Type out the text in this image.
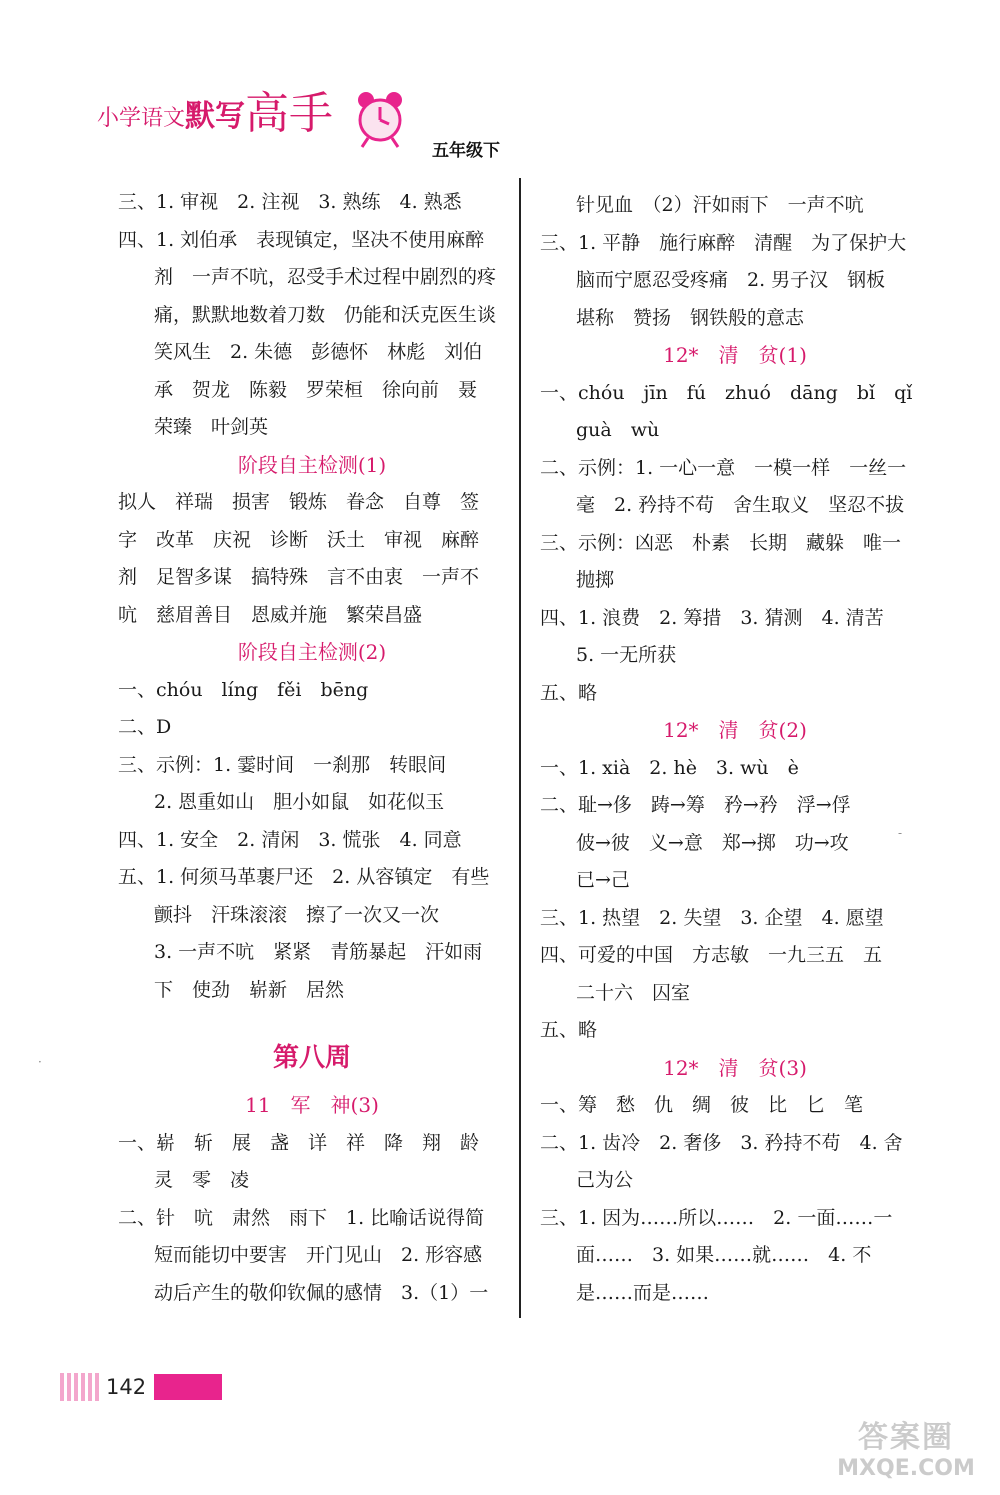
小学语文 默写 高手
五年级下
三、1. 审视　2. 注视　3. 熟练　4. 熟悉
四、1. 刘伯承　表现镇定，坚决不使用麻醉
剂　一声不吭，忍受手术过程中剧烈的疼
痛，默默地数着刀数　仍能和沃克医生谈
笑风生　2. 朱德　彭德怀　林彪　刘伯
承　贺龙　陈毅　罗荣桓　徐向前　聂
荣臻　叶剑英
阶段自主检测(1)
拟人　祥瑞　损害　锻炼　眷念　自尊　签
字　改革　庆祝　诊断　沃土　审视　麻醉
剂　足智多谋　搞特殊　言不由衷　一声不
吭　慈眉善目　恩威并施　繁荣昌盛
阶段自主检测(2)
一、chóu　líng　fěi　bēng
二、D
三、示例：1. 霎时间　一刹那　转眼间
2. 恩重如山　胆小如鼠　如花似玉
四、1. 安全　2. 清闲　3. 慌张　4. 同意
五、1. 何须马革裹尸还　2. 从容镇定　有些
颤抖　汗珠滚滚　擦了一次又一次
3. 一声不吭　紧紧　青筋暴起　汗如雨
下　使劲　崭新　居然
第八周
11　军　神(3)
一、崭　斩　展　盏　详　祥　降　翔　龄
灵　零　凌
二、针　吭　肃然　雨下　1. 比喻话说得简
短而能切中要害　开门见山　2. 形容感
动后产生的敬仰钦佩的感情　3.（1）一
针见血　（2）汗如雨下　一声不吭
三、1. 平静　施行麻醉　清醒　为了保护大
脑而宁愿忍受疼痛　2. 男子汉　钢板
堪称　赞扬　钢铁般的意志
12*　清　贫(1)
一、chóu　jīn　fú　zhuó　dāng　bǐ　qǐ
guà　wù
二、示例：1. 一心一意　一模一样　一丝一
毫　2. 矜持不苟　舍生取义　坚忍不拔
三、示例：凶恶　朴素　长期　藏躲　唯一
抛掷
四、1. 浪费　2. 筹措　3. 猜测　4. 清苦
5. 一无所获
五、略
12*　清　贫(2)
一、1. xià　2. hè　3. wù　è
二、耻→侈　踌→筹　矜→矜　浮→俘
佊→彼　义→意　郑→掷　功→攻
已→己
三、1. 热望　2. 失望　3. 企望　4. 愿望
四、可爱的中国　方志敏　一九三五　五
二十六　囚室
五、略
12*　清　贫(3)
一、筹　愁　仇　绸　彼　比　匕　笔
二、1. 齿冷　2. 奢侈　3. 矜持不苟　4. 舍
己为公
三、1. 因为……所以……　2. 一面……一
面……　3. 如果……就……　4. 不
是……而是……
·
-
142
答案圈
MXQE.COM
